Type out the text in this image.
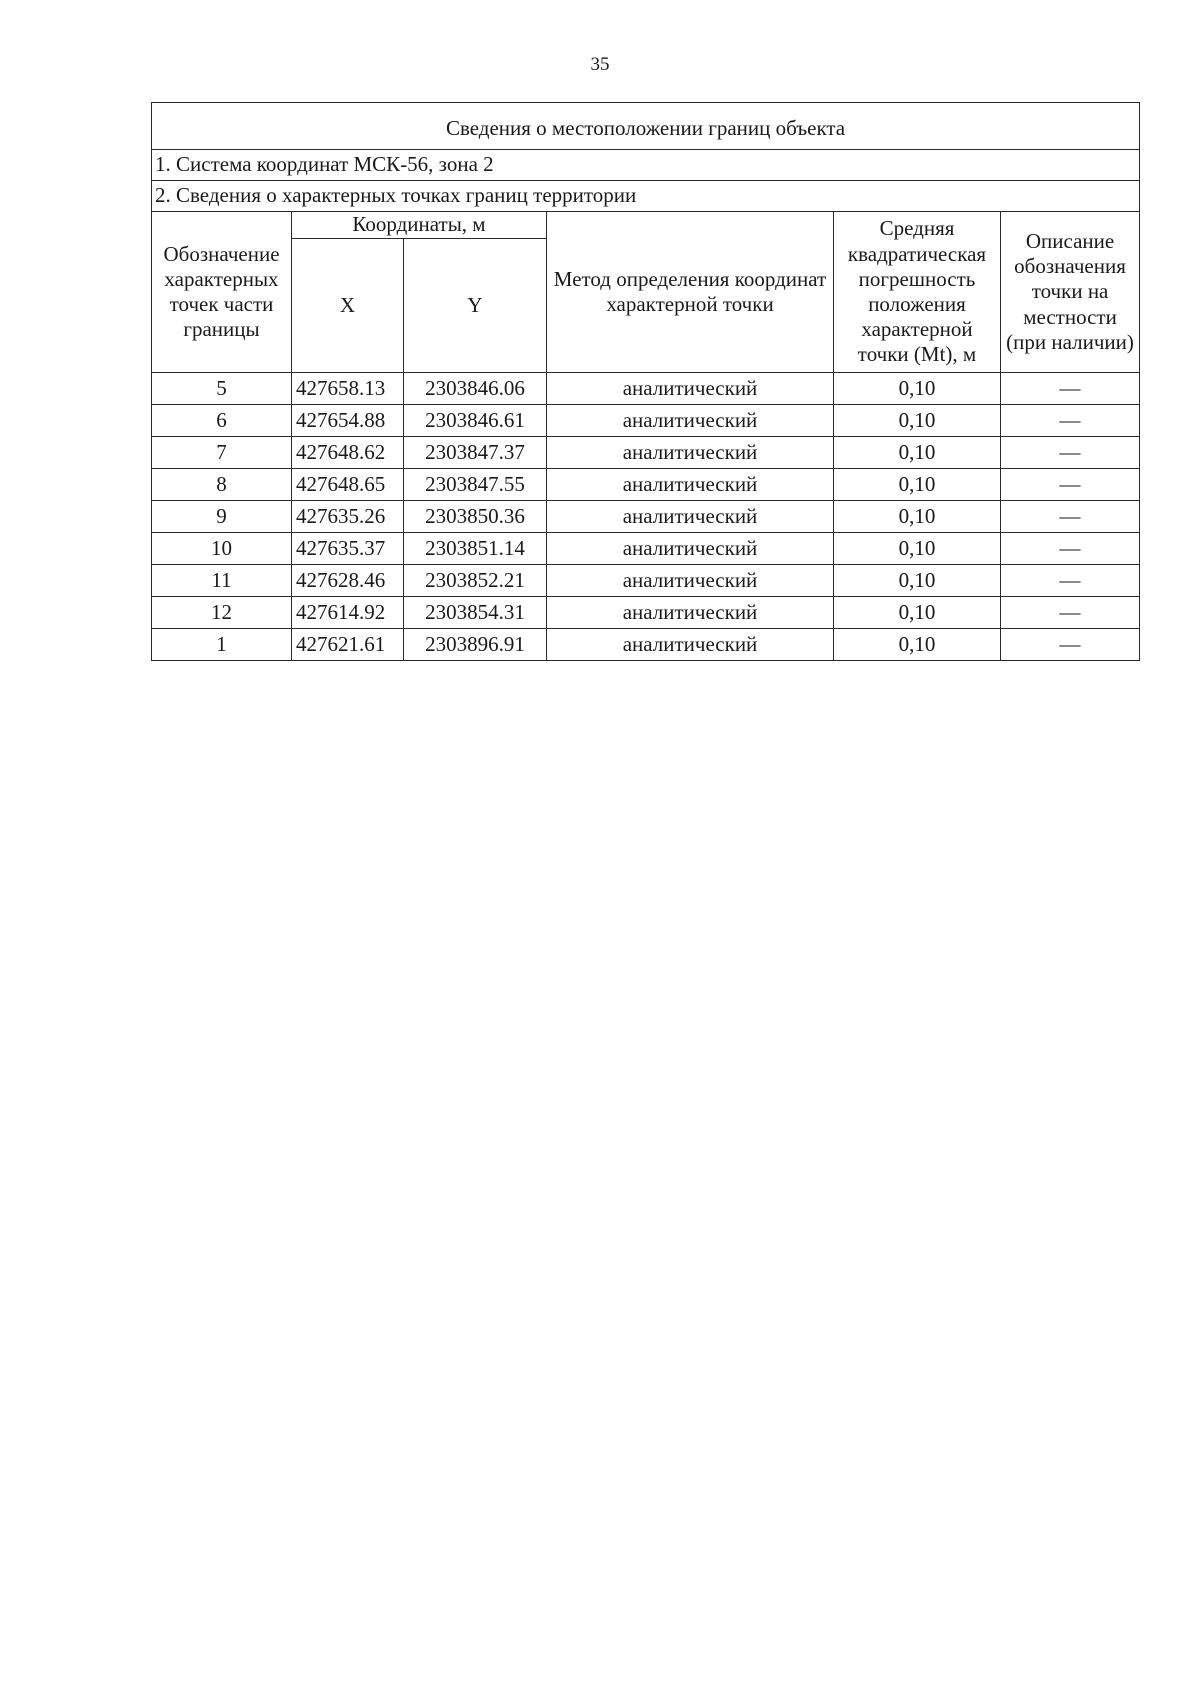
35
Сведения о местоположении границ объекта					
1. Система координат МСК-56, зона 2					
2. Сведения о характерных точках границ территории					
Обозначение характерных точек части границы	Координаты, м		Метод определения координат характерной точки	Средняя квадратическая погрешность положения характерной точки (Mt), м	Описание обозначения точки на местности (при наличии)
	X	Y			
5	427658.13	2303846.06	аналитический	0,10	—
6	427654.88	2303846.61	аналитический	0,10	—
7	427648.62	2303847.37	аналитический	0,10	—
8	427648.65	2303847.55	аналитический	0,10	—
9	427635.26	2303850.36	аналитический	0,10	—
10	427635.37	2303851.14	аналитический	0,10	—
11	427628.46	2303852.21	аналитический	0,10	—
12	427614.92	2303854.31	аналитический	0,10	—
1	427621.61	2303896.91	аналитический	0,10	—
